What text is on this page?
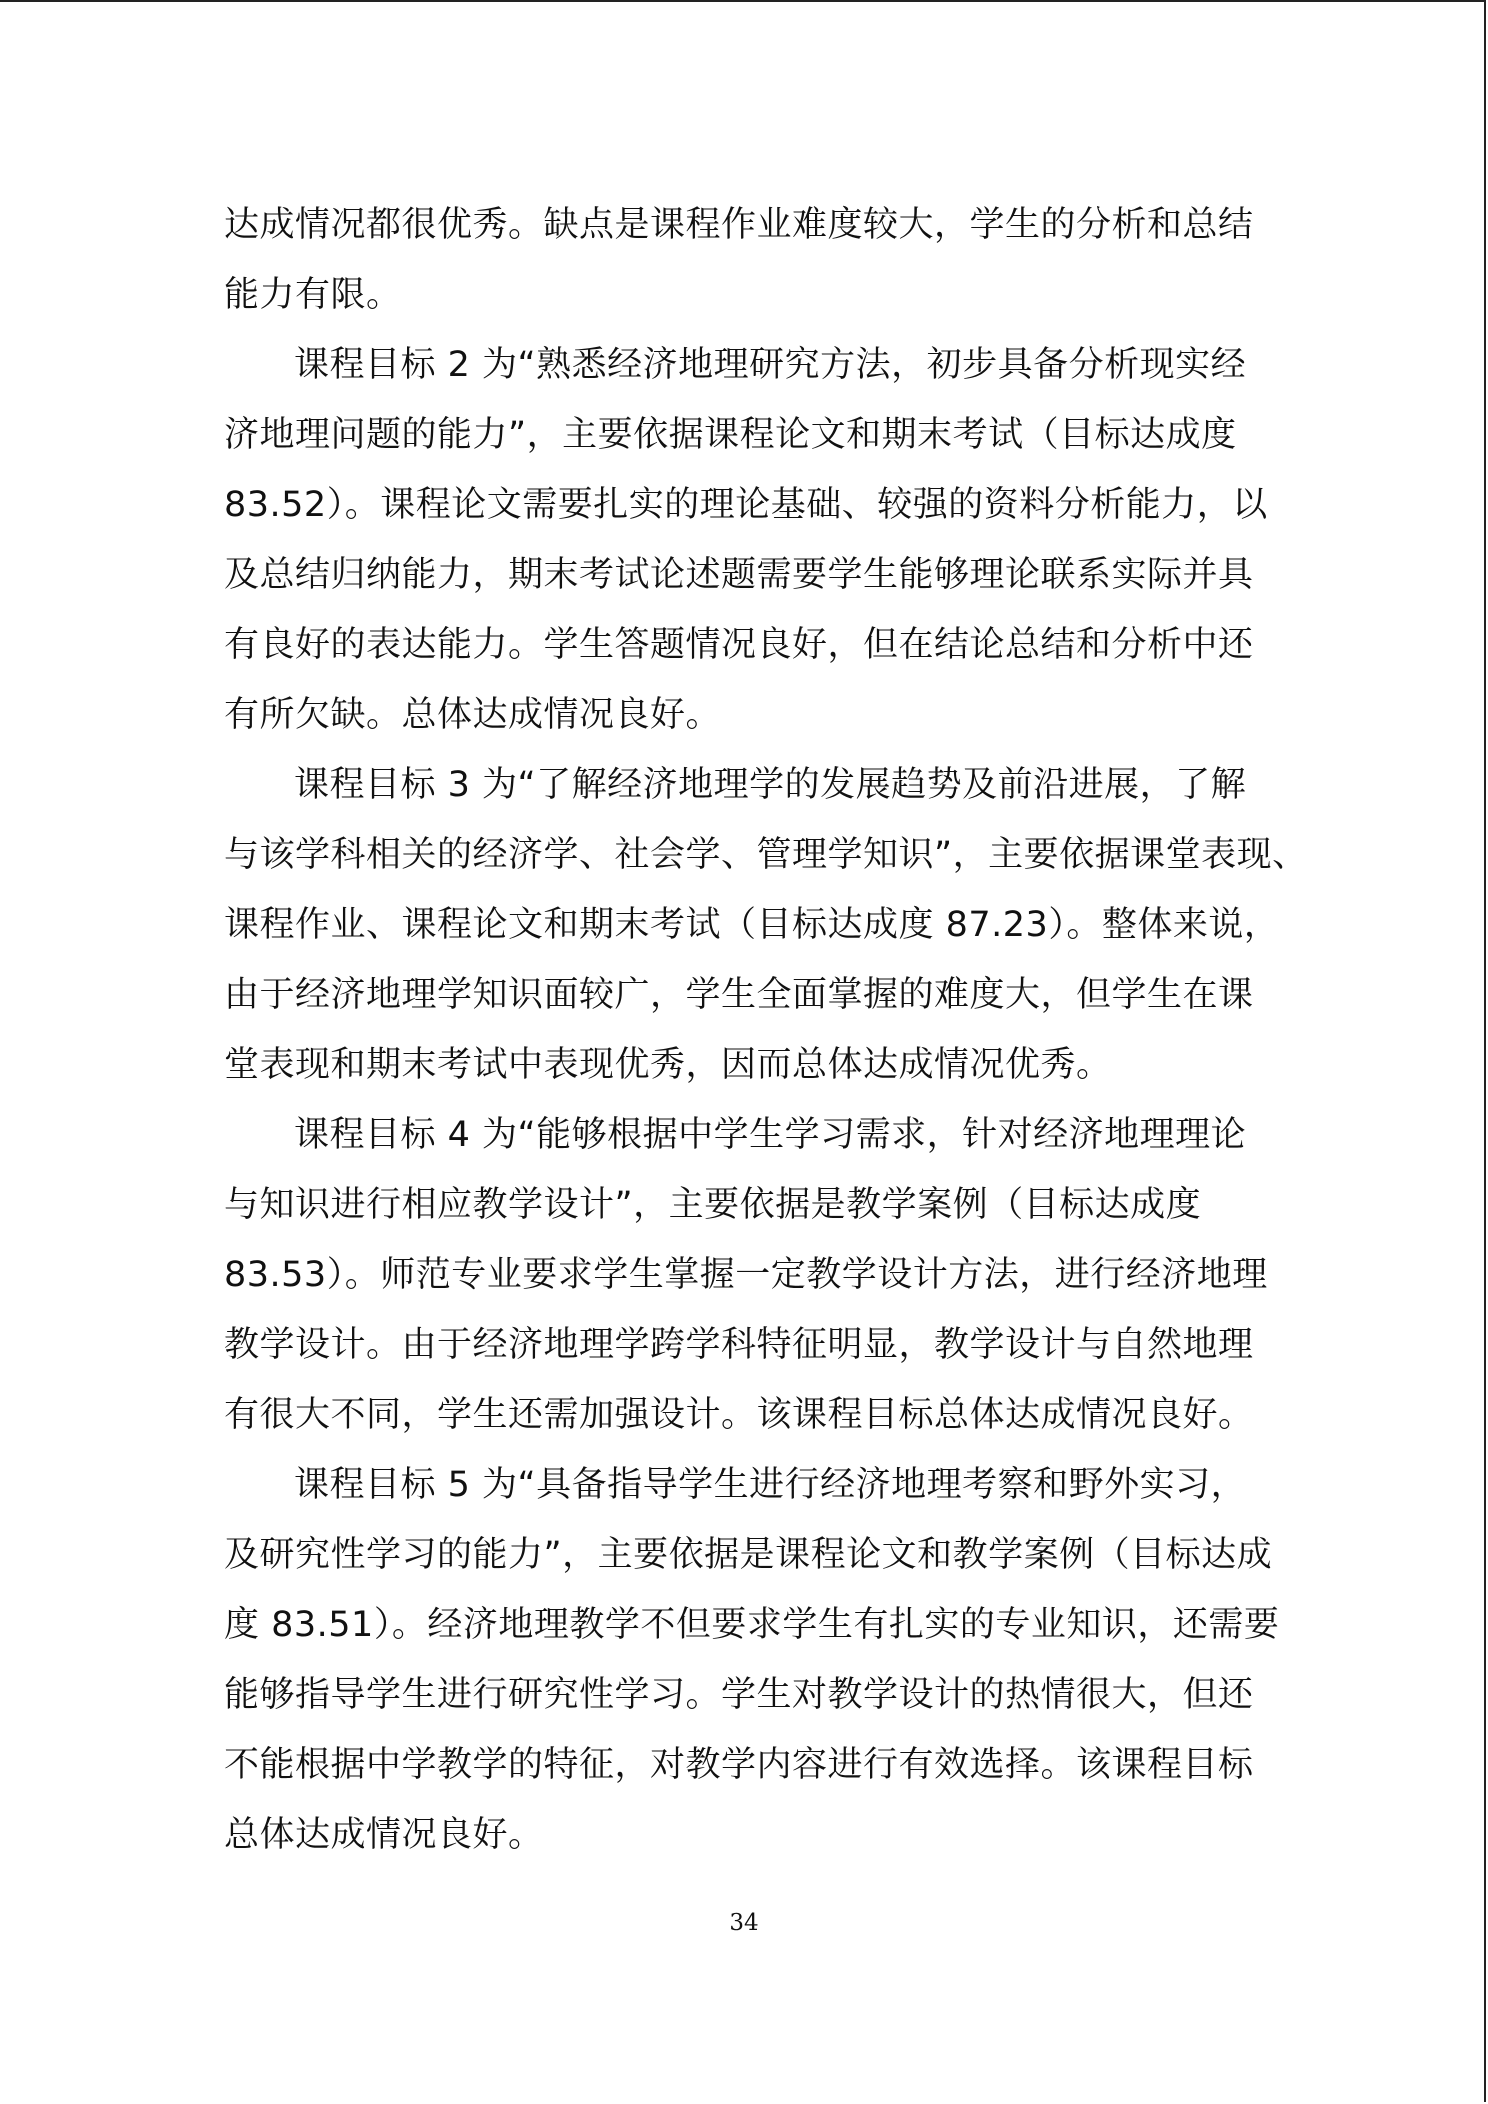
达成情况都很优秀。缺点是课程作业难度较大，学生的分析和总结
能力有限。
课程目标 2 为“熟悉经济地理研究方法，初步具备分析现实经
济地理问题的能力”，主要依据课程论文和期末考试（目标达成度
83.52）。课程论文需要扎实的理论基础、较强的资料分析能力，以
及总结归纳能力，期末考试论述题需要学生能够理论联系实际并具
有良好的表达能力。学生答题情况良好，但在结论总结和分析中还
有所欠缺。总体达成情况良好。
课程目标 3 为“了解经济地理学的发展趋势及前沿进展，了解
与该学科相关的经济学、社会学、管理学知识”，主要依据课堂表现、
课程作业、课程论文和期末考试（目标达成度 87.23）。整体来说，
由于经济地理学知识面较广，学生全面掌握的难度大，但学生在课
堂表现和期末考试中表现优秀，因而总体达成情况优秀。
课程目标 4 为“能够根据中学生学习需求，针对经济地理理论
与知识进行相应教学设计”，主要依据是教学案例（目标达成度
83.53）。师范专业要求学生掌握一定教学设计方法，进行经济地理
教学设计。由于经济地理学跨学科特征明显，教学设计与自然地理
有很大不同，学生还需加强设计。该课程目标总体达成情况良好。
课程目标 5 为“具备指导学生进行经济地理考察和野外实习，
及研究性学习的能力”，主要依据是课程论文和教学案例（目标达成
度 83.51）。经济地理教学不但要求学生有扎实的专业知识，还需要
能够指导学生进行研究性学习。学生对教学设计的热情很大，但还
不能根据中学教学的特征，对教学内容进行有效选择。该课程目标
总体达成情况良好。
34
